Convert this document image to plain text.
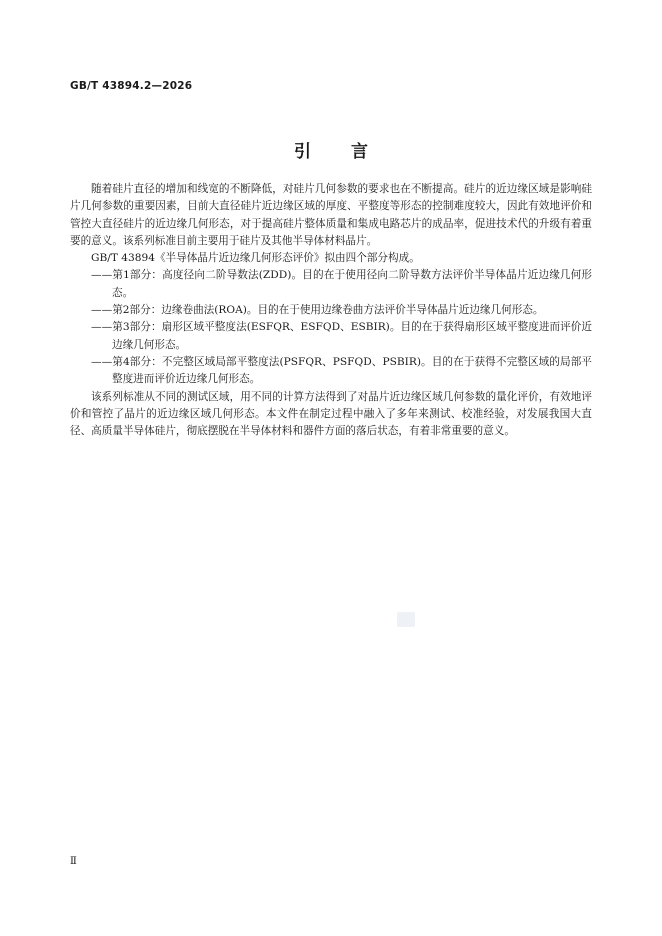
GB/T 43894.2—2026
引 言

随着硅片直径的增加和线宽的不断降低，对硅片几何参数的要求也在不断提高。硅片的近边缘区域是影响硅片几何参数的重要因素，目前大直径硅片近边缘区域的厚度、平整度等形态的控制难度较大，因此有效地评价和管控大直径硅片的近边缘几何形态，对于提高硅片整体质量和集成电路芯片的成品率，促进技术代的升级有着重要的意义。该系列标准目前主要用于硅片及其他半导体材料晶片。

GB/T 43894《半导体晶片近边缘几何形态评价》拟由四个部分构成。

——第1部分：高度径向二阶导数法(ZDD)。目的在于使用径向二阶导数方法评价半导体晶片近边缘几何形态。

——第2部分：边缘卷曲法(ROA)。目的在于使用边缘卷曲方法评价半导体晶片近边缘几何形态。

——第3部分：扇形区域平整度法(ESFQR、ESFQD、ESBIR)。目的在于获得扇形区域平整度进而评价近边缘几何形态。

——第4部分：不完整区域局部平整度法(PSFQR、PSFQD、PSBIR)。目的在于获得不完整区域的局部平整度进而评价近边缘几何形态。

该系列标准从不同的测试区域，用不同的计算方法得到了对晶片近边缘区域几何参数的量化评价，有效地评价和管控了晶片的近边缘区域几何形态。本文件在制定过程中融入了多年来测试、校准经验，对发展我国大直径、高质量半导体硅片，彻底摆脱在半导体材料和器件方面的落后状态，有着非常重要的意义。

Ⅱ
